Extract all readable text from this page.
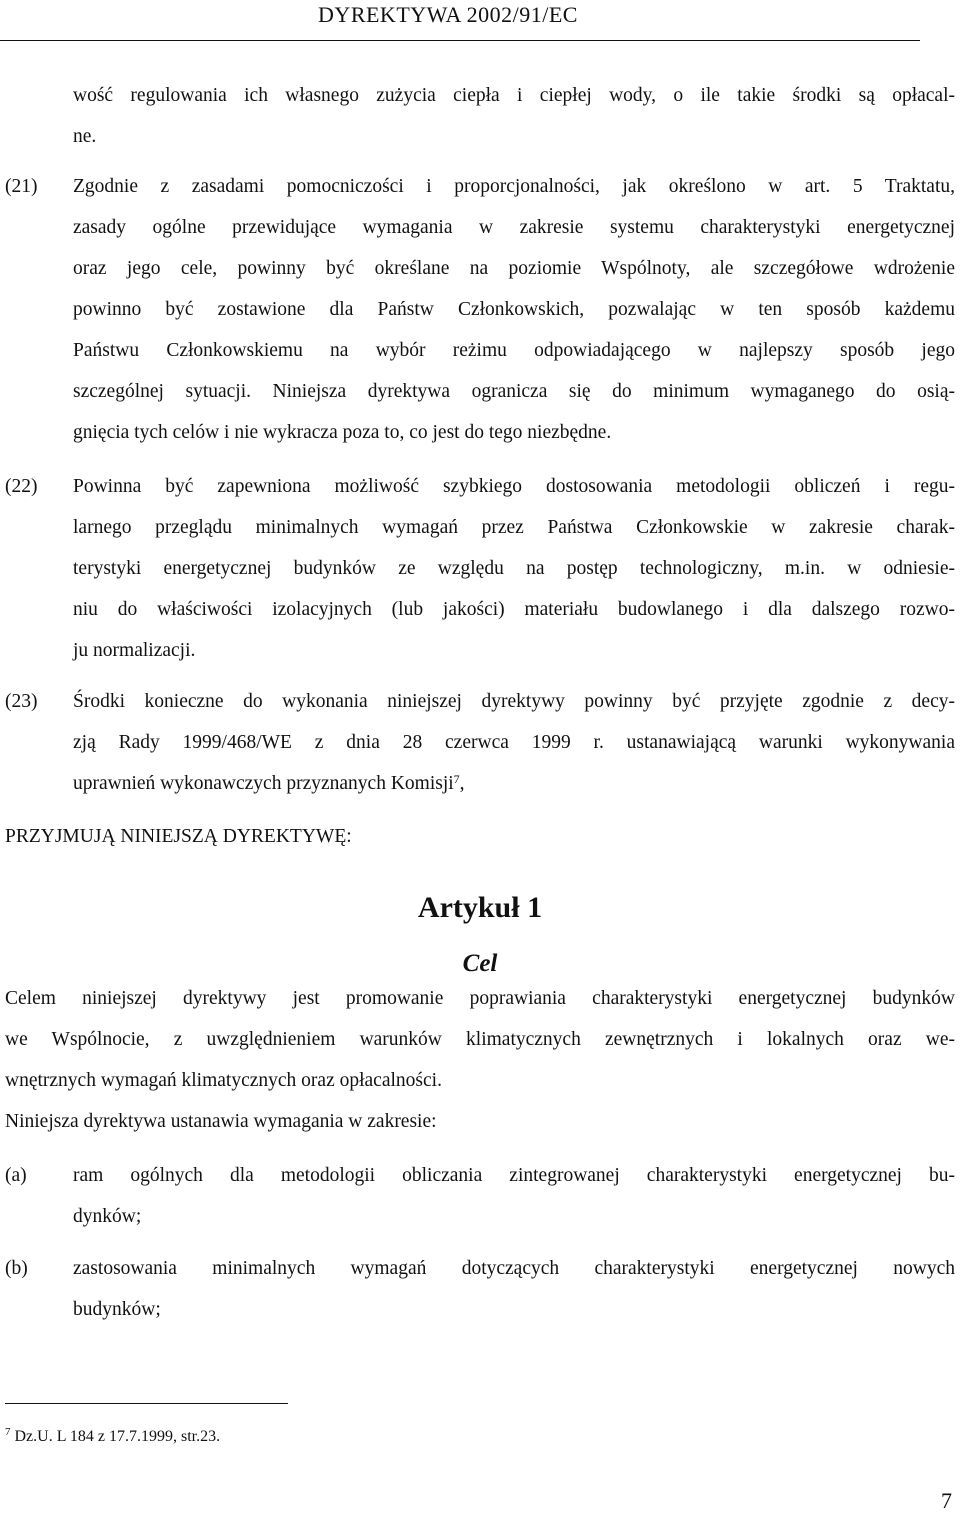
DYREKTYWA 2002/91/EC
wość regulowania ich własnego zużycia ciepła i ciepłej wody, o ile takie środki są opłacal-
ne.
(21) Zgodnie z zasadami pomocniczości i proporcjonalności, jak określono w art. 5 Traktatu,
zasady ogólne przewidujące wymagania w zakresie systemu charakterystyki energetycznej
oraz jego cele, powinny być określane na poziomie Wspólnoty, ale szczegółowe wdrożenie
powinno być zostawione dla Państw Członkowskich, pozwalając w ten sposób każdemu
Państwu Członkowskiemu na wybór reżimu odpowiadającego w najlepszy sposób jego
szczególnej sytuacji. Niniejsza dyrektywa ogranicza się do minimum wymaganego do osią-
gnięcia tych celów i nie wykracza poza to, co jest do tego niezbędne.
(22) Powinna być zapewniona możliwość szybkiego dostosowania metodologii obliczeń i regu-
larnego przeglądu minimalnych wymagań przez Państwa Członkowskie w zakresie charak-
terystyki energetycznej budynków ze względu na postęp technologiczny, m.in. w odniesie-
niu do właściwości izolacyjnych (lub jakości) materiału budowlanego i dla dalszego rozwo-
ju normalizacji.
(23) Środki konieczne do wykonania niniejszej dyrektywy powinny być przyjęte zgodnie z decy-
zją Rady 1999/468/WE z dnia 28 czerwca 1999 r. ustanawiającą warunki wykonywania
uprawnień wykonawczych przyznanych Komisji$^7$,
PRZYJMUJĄ NINIEJSZĄ DYREKTYWĘ:
Artykuł 1
Cel
Celem niniejszej dyrektywy jest promowanie poprawiania charakterystyki energetycznej budynków
we Wspólnocie, z uwzględnieniem warunków klimatycznych zewnętrznych i lokalnych oraz we-
wnętrznych wymagań klimatycznych oraz opłacalności.
Niniejsza dyrektywa ustanawia wymagania w zakresie:
(a) ram ogólnych dla metodologii obliczania zintegrowanej charakterystyki energetycznej bu-
dynków;
(b) zastosowania minimalnych wymagań dotyczących charakterystyki energetycznej nowych
budynków;
$^7$ Dz.U. L 184 z 17.7.1999, str.23.
7
